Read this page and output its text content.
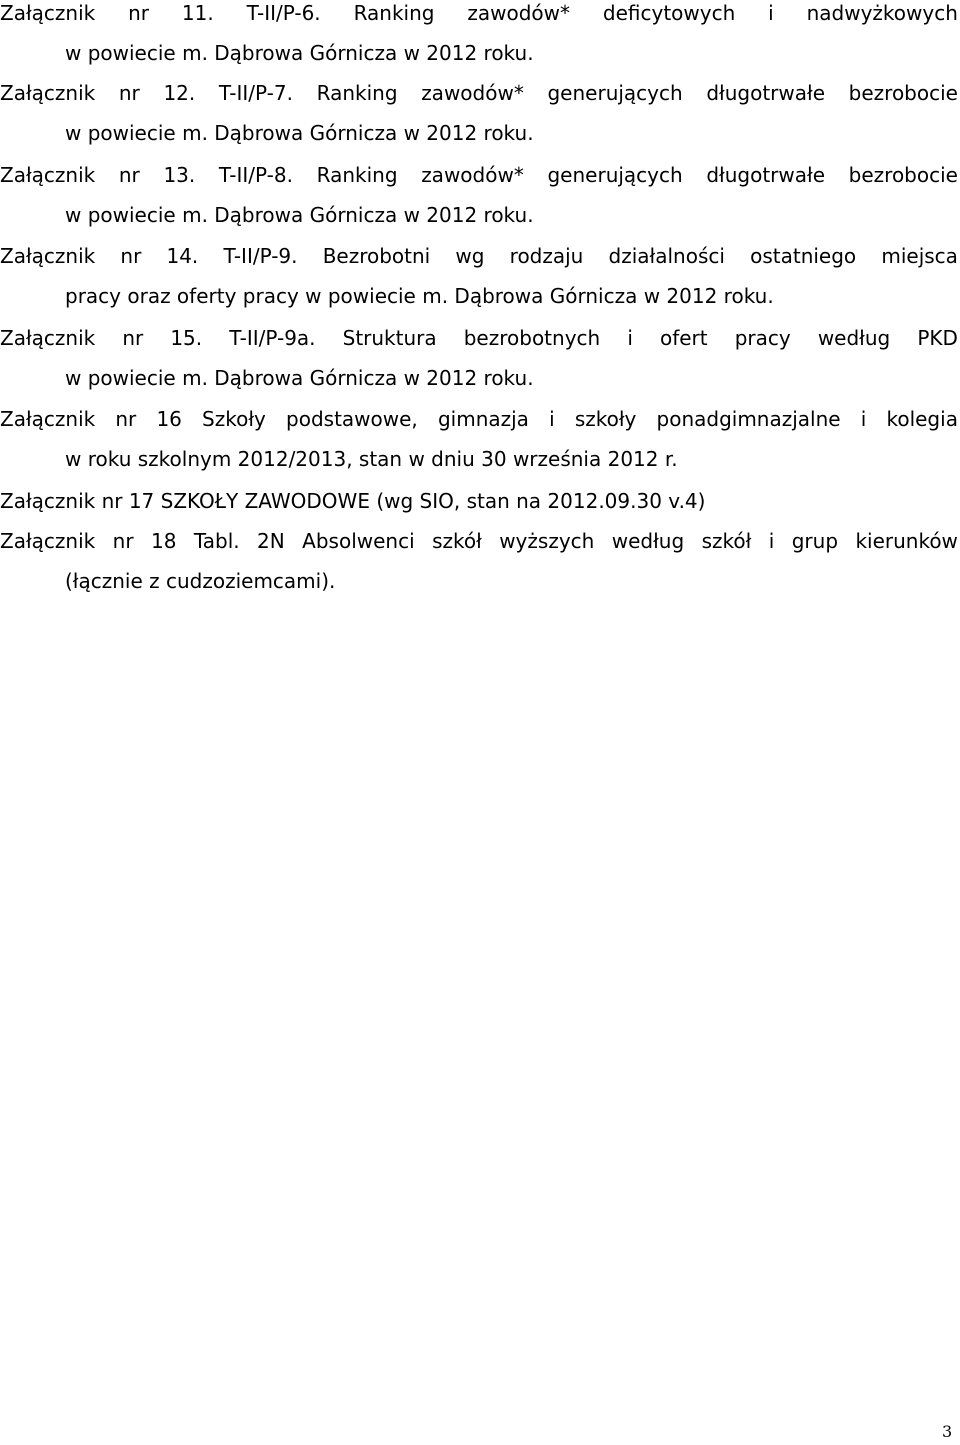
Załącznik nr 11. T-II/P-6. Ranking zawodów* deficytowych i nadwyżkowych
w powiecie m. Dąbrowa Górnicza w 2012 roku.
Załącznik nr 12. T-II/P-7. Ranking zawodów* generujących długotrwałe bezrobocie
w powiecie m. Dąbrowa Górnicza w 2012 roku.
Załącznik nr 13. T-II/P-8. Ranking zawodów* generujących długotrwałe bezrobocie
w powiecie m. Dąbrowa Górnicza w 2012 roku.
Załącznik nr 14. T-II/P-9. Bezrobotni wg rodzaju działalności ostatniego miejsca
pracy oraz oferty pracy w powiecie m. Dąbrowa Górnicza w 2012 roku.
Załącznik nr 15. T-II/P-9a. Struktura bezrobotnych i ofert pracy według PKD
w powiecie m. Dąbrowa Górnicza w 2012 roku.
Załącznik nr 16 Szkoły podstawowe, gimnazja i szkoły ponadgimnazjalne i kolegia
w roku szkolnym 2012/2013, stan w dniu 30 września 2012 r.
Załącznik nr 17 SZKOŁY ZAWODOWE (wg SIO, stan na 2012.09.30 v.4)
Załącznik nr 18 Tabl. 2N Absolwenci szkół wyższych według szkół i grup kierunków
(łącznie z cudzoziemcami).
3
